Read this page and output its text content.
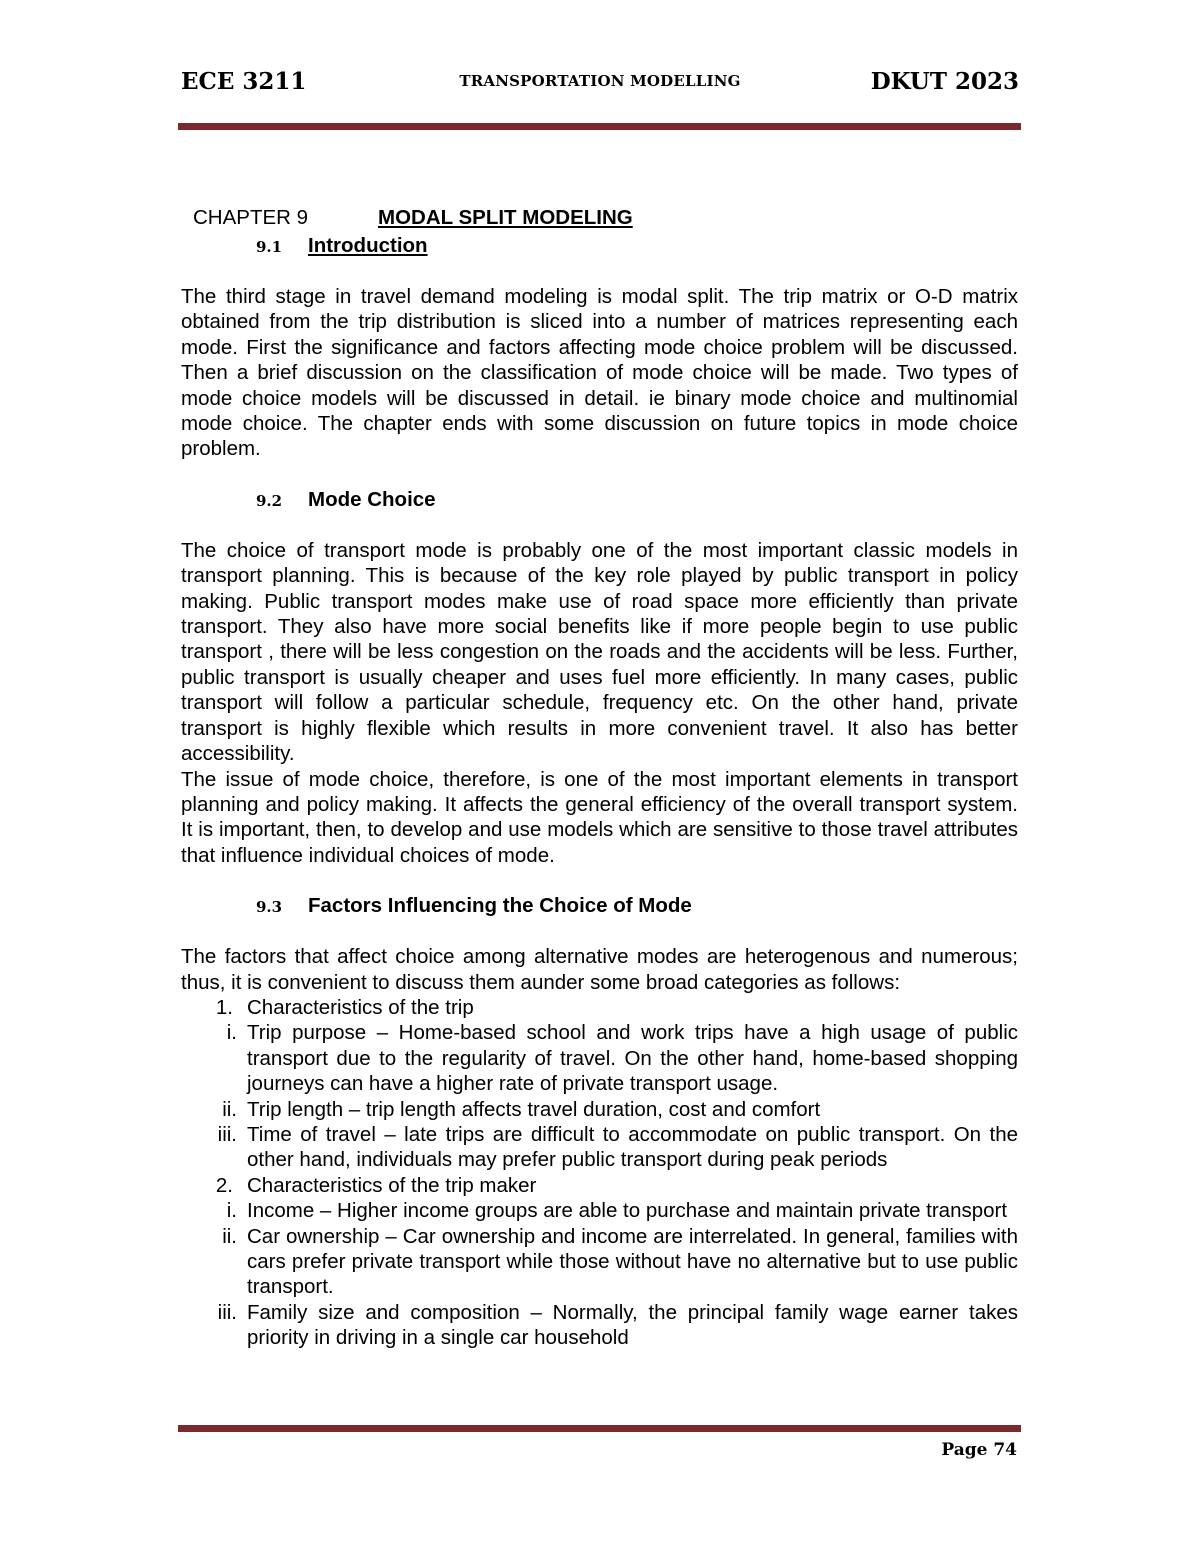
ECE 3211	TRANSPORTATION MODELLING	DKUT 2023
CHAPTER 9	MODAL SPLIT MODELING
9.1 Introduction

The third stage in travel demand modeling is modal split. The trip matrix or O-D matrix obtained from the trip distribution is sliced into a number of matrices representing each mode. First the significance and factors affecting mode choice problem will be discussed. Then a brief discussion on the classification of mode choice will be made. Two types of mode choice models will be discussed in detail. ie binary mode choice and multinomial mode choice. The chapter ends with some discussion on future topics in mode choice problem.

9.2 Mode Choice

The choice of transport mode is probably one of the most important classic models in transport planning. This is because of the key role played by public transport in policy making. Public transport modes make use of road space more efficiently than private transport. They also have more social benefits like if more people begin to use public transport , there will be less congestion on the roads and the accidents will be less. Further, public transport is usually cheaper and uses fuel more efficiently. In many cases, public transport will follow a particular schedule, frequency etc. On the other hand, private transport is highly flexible which results in more convenient travel. It also has better accessibility.

The issue of mode choice, therefore, is one of the most important elements in transport planning and policy making. It affects the general efficiency of the overall transport system. It is important, then, to develop and use models which are sensitive to those travel attributes that influence individual choices of mode.

9.3 Factors Influencing the Choice of Mode

The factors that affect choice among alternative modes are heterogenous and numerous; thus, it is convenient to discuss them aunder some broad categories as follows:

1. Characteristics of the trip
i. Trip purpose – Home-based school and work trips have a high usage of public transport due to the regularity of travel. On the other hand, home-based shopping journeys can have a higher rate of private transport usage.
ii. Trip length – trip length affects travel duration, cost and comfort
iii. Time of travel – late trips are difficult to accommodate on public transport. On the other hand, individuals may prefer public transport during peak periods
2. Characteristics of the trip maker
i. Income – Higher income groups are able to purchase and maintain private transport
ii. Car ownership – Car ownership and income are interrelated. In general, families with cars prefer private transport while those without have no alternative but to use public transport.
iii. Family size and composition – Normally, the principal family wage earner takes priority in driving in a single car household
Page 74
